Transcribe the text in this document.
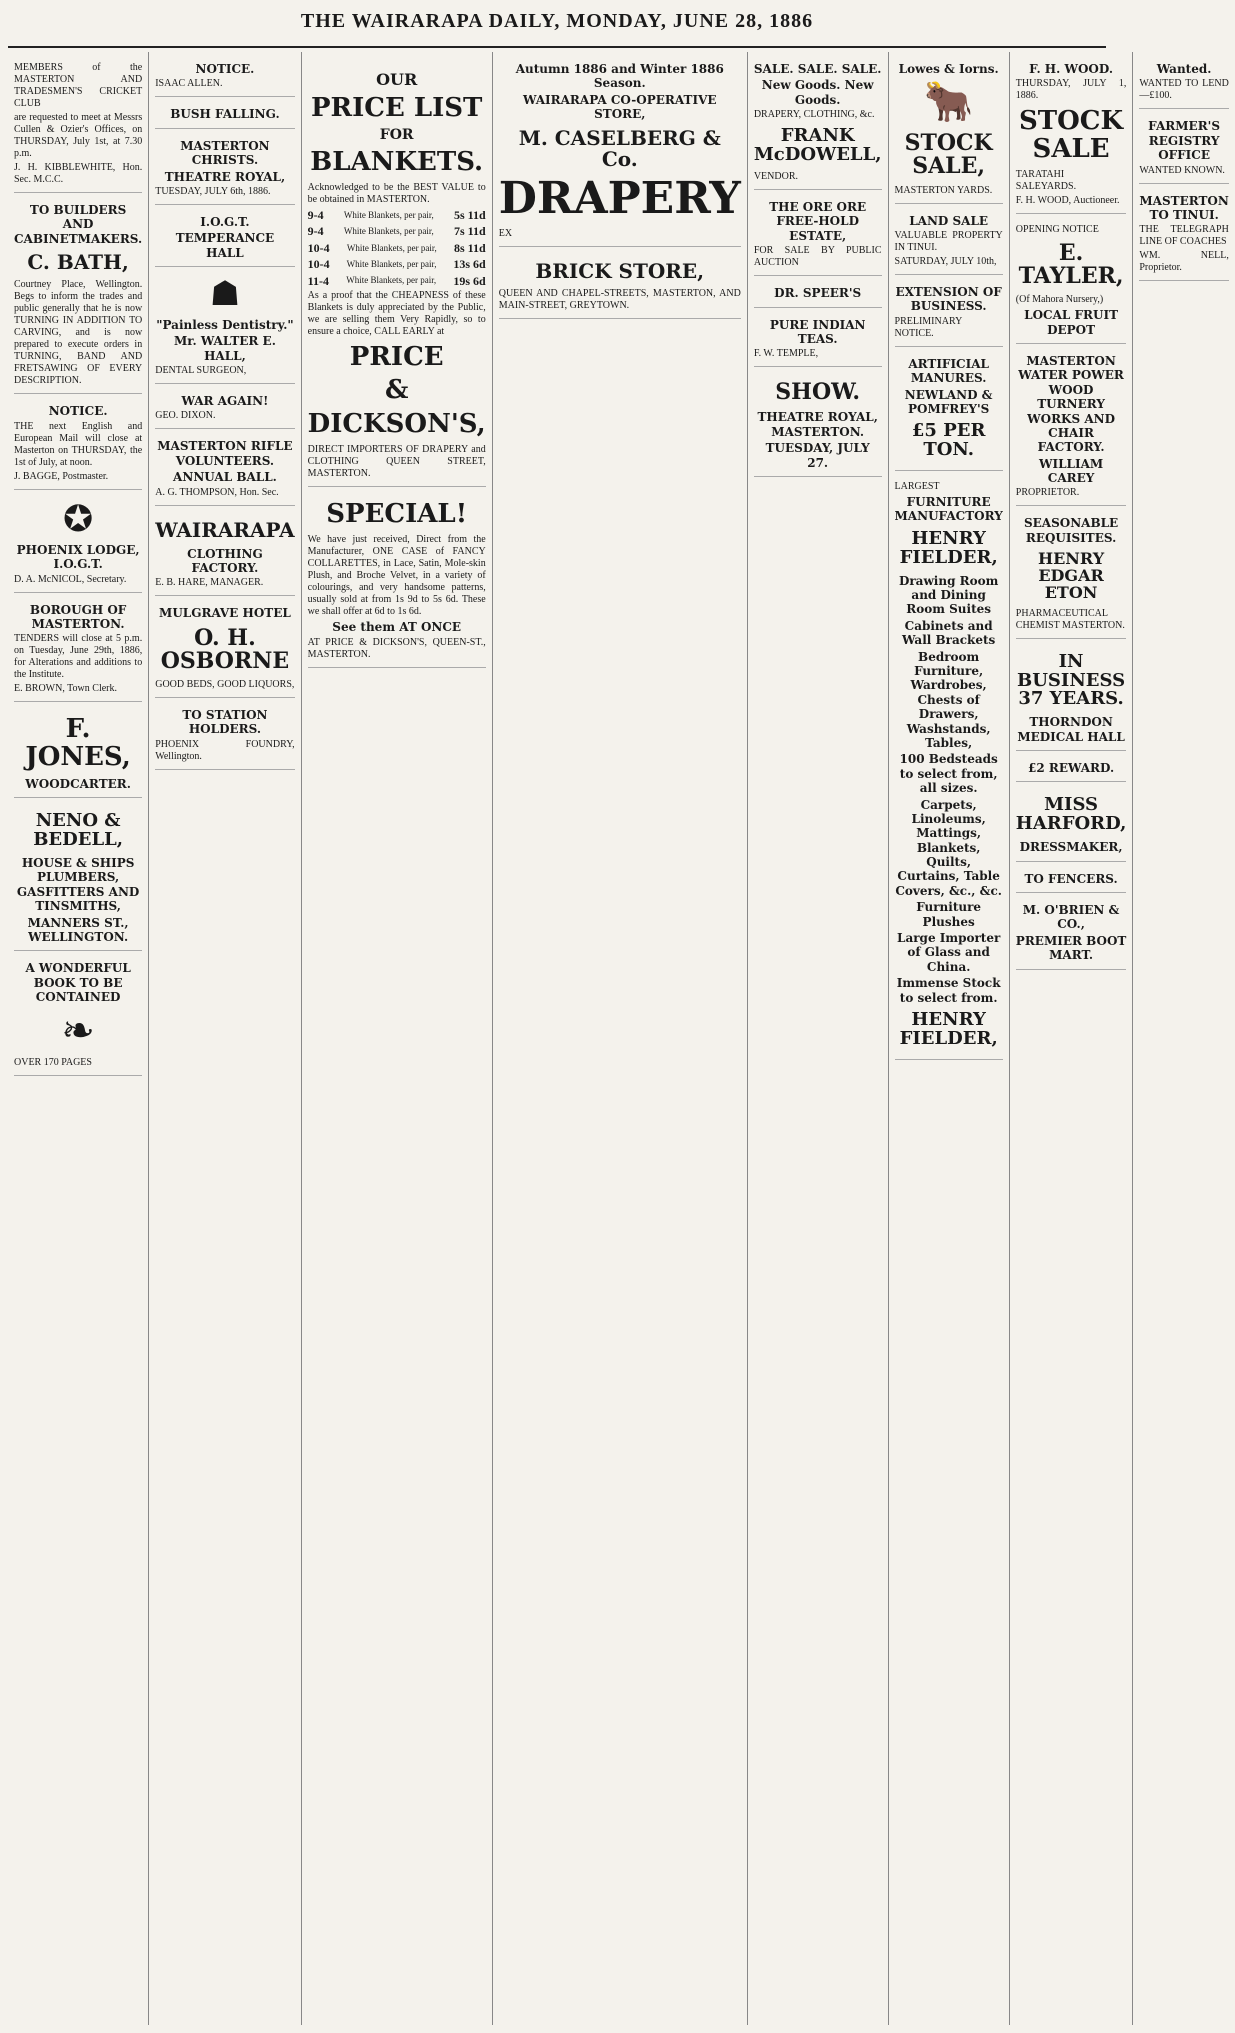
THE WAIRARAPA DAILY, MONDAY, JUNE 28, 1886

MEMBERS of the MASTERTON AND TRADESMEN'S CRICKET CLUB

are requested to meet at Messrs Cullen & Ozier's Offices, on THURSDAY, July 1st, at 7.30 p.m.

J. H. KIBBLEWHITE, Hon. Sec. M.C.C.

TO BUILDERS AND CABINETMAKERS.
C. BATH,

Courtney Place, Wellington. Begs to inform the trades and public generally that he is now TURNING IN ADDITION TO CARVING, and is now prepared to execute orders in TURNING, BAND AND FRETSAWING OF EVERY DESCRIPTION.

NOTICE.

THE next English and European Mail will close at Masterton on THURSDAY, the 1st of July, at noon.

J. BAGGE, Postmaster.

✪
PHOENIX LODGE, I.O.G.T.

D. A. McNICOL, Secretary.

BOROUGH OF MASTERTON.

TENDERS will close at 5 p.m. on Tuesday, June 29th, 1886, for Alterations and additions to the Institute.

E. BROWN, Town Clerk.

F. JONES,
WOODCARTER.
NENO & BEDELL,
HOUSE & SHIPS PLUMBERS, GASFITTERS AND TINSMITHS,
MANNERS ST., WELLINGTON.
A WONDERFUL BOOK TO BE CONTAINED
❧

OVER 170 PAGES

NOTICE.

ISAAC ALLEN.

BUSH FALLING.
MASTERTON CHRISTS.
THEATRE ROYAL,

TUESDAY, JULY 6th, 1886.

I.O.G.T.
TEMPERANCE HALL
☗
"Painless Dentistry."
Mr. WALTER E. HALL,

DENTAL SURGEON,

WAR AGAIN!

GEO. DIXON.

MASTERTON RIFLE VOLUNTEERS.
ANNUAL BALL.

A. G. THOMPSON, Hon. Sec.

WAIRARAPA
CLOTHING FACTORY.

E. B. HARE, MANAGER.

MULGRAVE HOTEL
O. H. OSBORNE

GOOD BEDS, GOOD LIQUORS,

TO STATION HOLDERS.

PHOENIX FOUNDRY, Wellington.

OUR
PRICE LIST
FOR
BLANKETS.

Acknowledged to be the BEST VALUE to be obtained in MASTERTON.

9-4 White Blankets, per pair, 5s 11d
9-4 White Blankets, per pair, 7s 11d
10-4 White Blankets, per pair, 8s 11d
10-4 White Blankets, per pair, 13s 6d
11-4 White Blankets, per pair, 19s 6d

As a proof that the CHEAPNESS of these Blankets is duly appreciated by the Public, we are selling them Very Rapidly, so to ensure a choice, CALL EARLY at

PRICE
&
DICKSON'S,

DIRECT IMPORTERS OF DRAPERY and CLOTHING QUEEN STREET, MASTERTON.

SPECIAL!

We have just received, Direct from the Manufacturer, ONE CASE of FANCY COLLARETTES, in Lace, Satin, Mole-skin Plush, and Broche Velvet, in a variety of colourings, and very handsome patterns, usually sold at from 1s 9d to 5s 6d. These we shall offer at 6d to 1s 6d.

See them AT ONCE

AT PRICE & DICKSON'S, QUEEN-ST., MASTERTON.

Autumn 1886 and Winter 1886 Season.
WAIRARAPA CO-OPERATIVE STORE,
M. CASELBERG & Co.
DRAPERY

EX

BRICK STORE,

QUEEN AND CHAPEL-STREETS, MASTERTON, AND MAIN-STREET, GREYTOWN.

SALE. SALE. SALE.
New Goods. New Goods.

DRAPERY, CLOTHING, &c.

FRANK McDOWELL,

VENDOR.

THE ORE ORE FREE-HOLD ESTATE,

FOR SALE BY PUBLIC AUCTION

DR. SPEER'S
PURE INDIAN TEAS.

F. W. TEMPLE,

SHOW.
THEATRE ROYAL, MASTERTON.
TUESDAY, JULY 27.
Lowes & Iorns.
🐂
STOCK SALE,

MASTERTON YARDS.

LAND SALE

VALUABLE PROPERTY IN TINUI.

SATURDAY, JULY 10th,

EXTENSION OF BUSINESS.

PRELIMINARY NOTICE.

ARTIFICIAL MANURES.
NEWLAND & POMFREY'S
£5 PER TON.

LARGEST

FURNITURE MANUFACTORY
HENRY FIELDER,
Drawing Room and Dining Room Suites
Cabinets and Wall Brackets
Bedroom Furniture, Wardrobes, Chests of Drawers, Washstands, Tables,
100 Bedsteads to select from, all sizes.
Carpets, Linoleums, Mattings, Blankets, Quilts, Curtains, Table Covers, &c., &c.
Furniture Plushes
Large Importer of Glass and China.
Immense Stock to select from.
HENRY FIELDER,
F. H. WOOD.

THURSDAY, JULY 1, 1886.

STOCK SALE

TARATAHI SALEYARDS.

F. H. WOOD, Auctioneer.

OPENING NOTICE

E. TAYLER,

(Of Mahora Nursery,)

LOCAL FRUIT DEPOT
MASTERTON WATER POWER WOOD TURNERY WORKS AND CHAIR FACTORY.
WILLIAM CAREY

PROPRIETOR.

SEASONABLE REQUISITES.
HENRY EDGAR ETON

PHARMACEUTICAL CHEMIST MASTERTON.

IN BUSINESS 37 YEARS.
THORNDON MEDICAL HALL
£2 REWARD.
MISS HARFORD,
DRESSMAKER,
TO FENCERS.
M. O'BRIEN & CO.,
PREMIER BOOT MART.
Wanted.

WANTED TO LEND—£100.

FARMER'S REGISTRY OFFICE

WANTED KNOWN.

MASTERTON TO TINUI.

THE TELEGRAPH LINE OF COACHES

WM. NELL, Proprietor.
